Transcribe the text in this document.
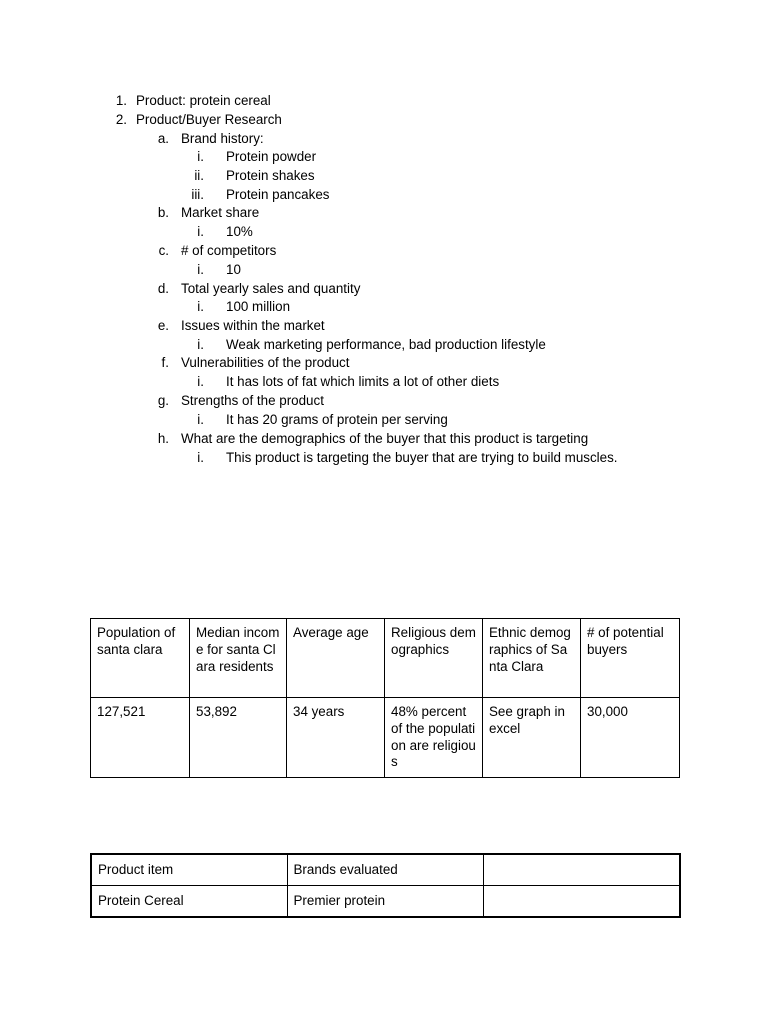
1. Product: protein cereal
2. Product/Buyer Research
a. Brand history:
i. Protein powder
ii. Protein shakes
iii. Protein pancakes
b. Market share
i. 10%
c. # of competitors
i. 10
d. Total yearly sales and quantity
i. 100 million
e. Issues within the market
i. Weak marketing performance, bad production lifestyle
f. Vulnerabilities of the product
i. It has lots of fat which limits a lot of other diets
g. Strengths of the product
i. It has 20 grams of protein per serving
h. What are the demographics of the buyer that this product is targeting
i. This product is targeting the buyer that are trying to build muscles.
Population of santa clara	Median income for santa Clara residents	Average age	Religious demographics	Ethnic demographics of Santa Clara	# of potential buyers
127,521	53,892	34 years	48% percent of the population are religious	See graph in excel	30,000
Product item	Brands evaluated	
Protein Cereal	Premier protein	
